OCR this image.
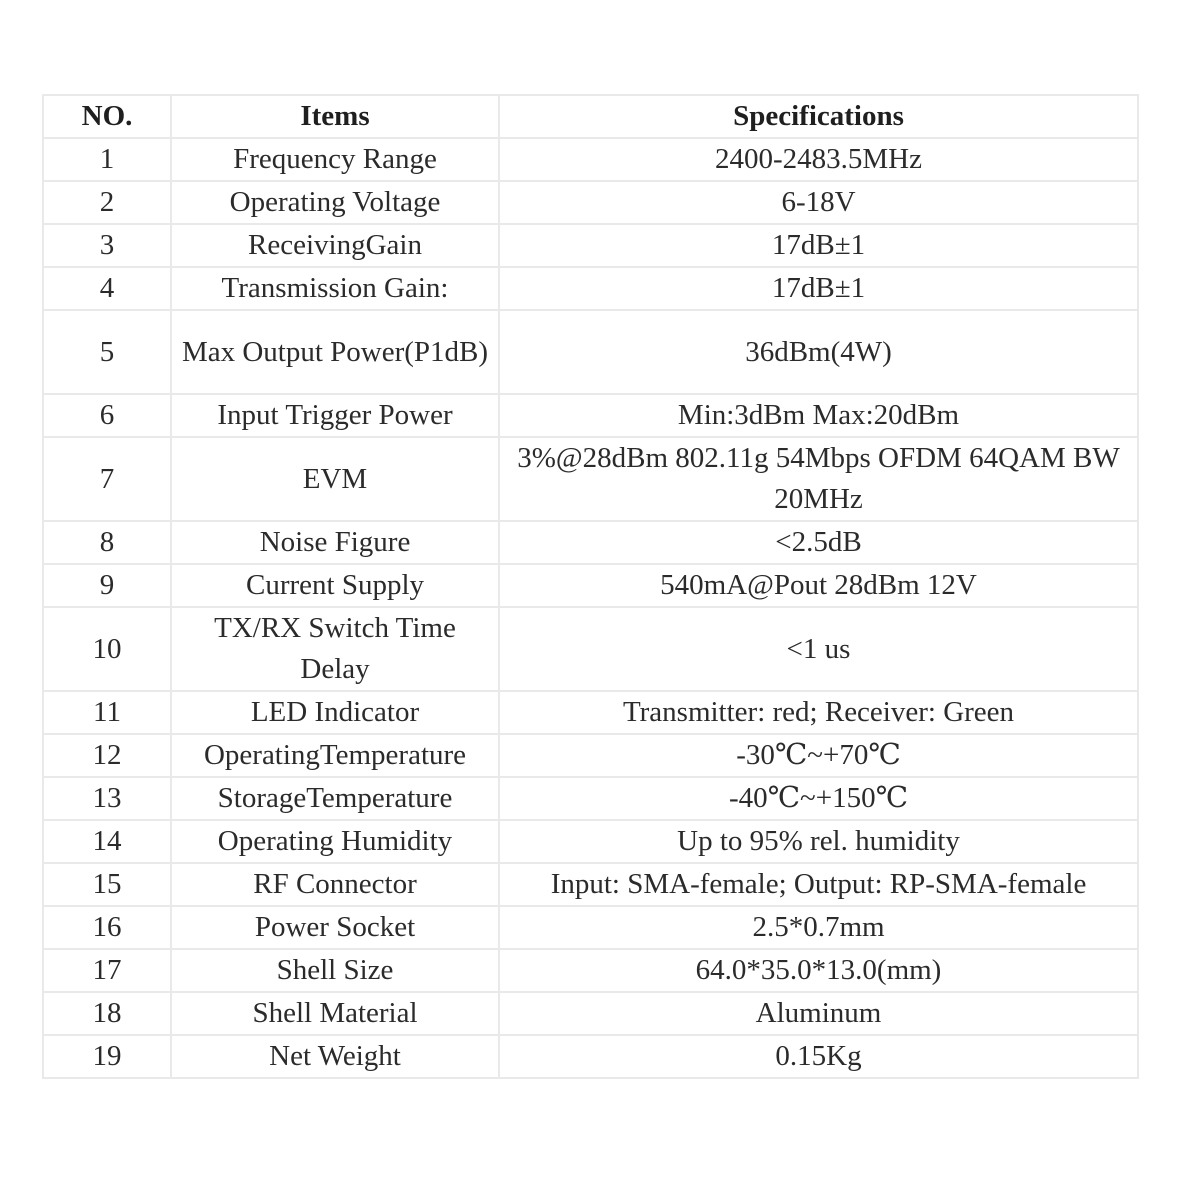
NO.	Items	Specifications
1	Frequency Range	2400-2483.5MHz
2	Operating Voltage	6-18V
3	ReceivingGain	17dB±1
4	Transmission Gain:	17dB±1
5	Max Output Power(P1dB)	36dBm(4W)
6	Input Trigger Power	Min:3dBm Max:20dBm
7	EVM	3%@28dBm 802.11g 54Mbps OFDM 64QAM BW 20MHz
8	Noise Figure	<2.5dB
9	Current Supply	540mA@Pout 28dBm 12V
10	TX/RX Switch Time Delay	<1 us
11	LED Indicator	Transmitter: red; Receiver: Green
12	OperatingTemperature	-30℃~+70℃
13	StorageTemperature	-40℃~+150℃
14	Operating Humidity	Up to 95% rel. humidity
15	RF Connector	Input: SMA-female; Output: RP-SMA-female
16	Power Socket	2.5*0.7mm
17	Shell Size	64.0*35.0*13.0(mm)
18	Shell Material	Aluminum
19	Net Weight	0.15Kg
